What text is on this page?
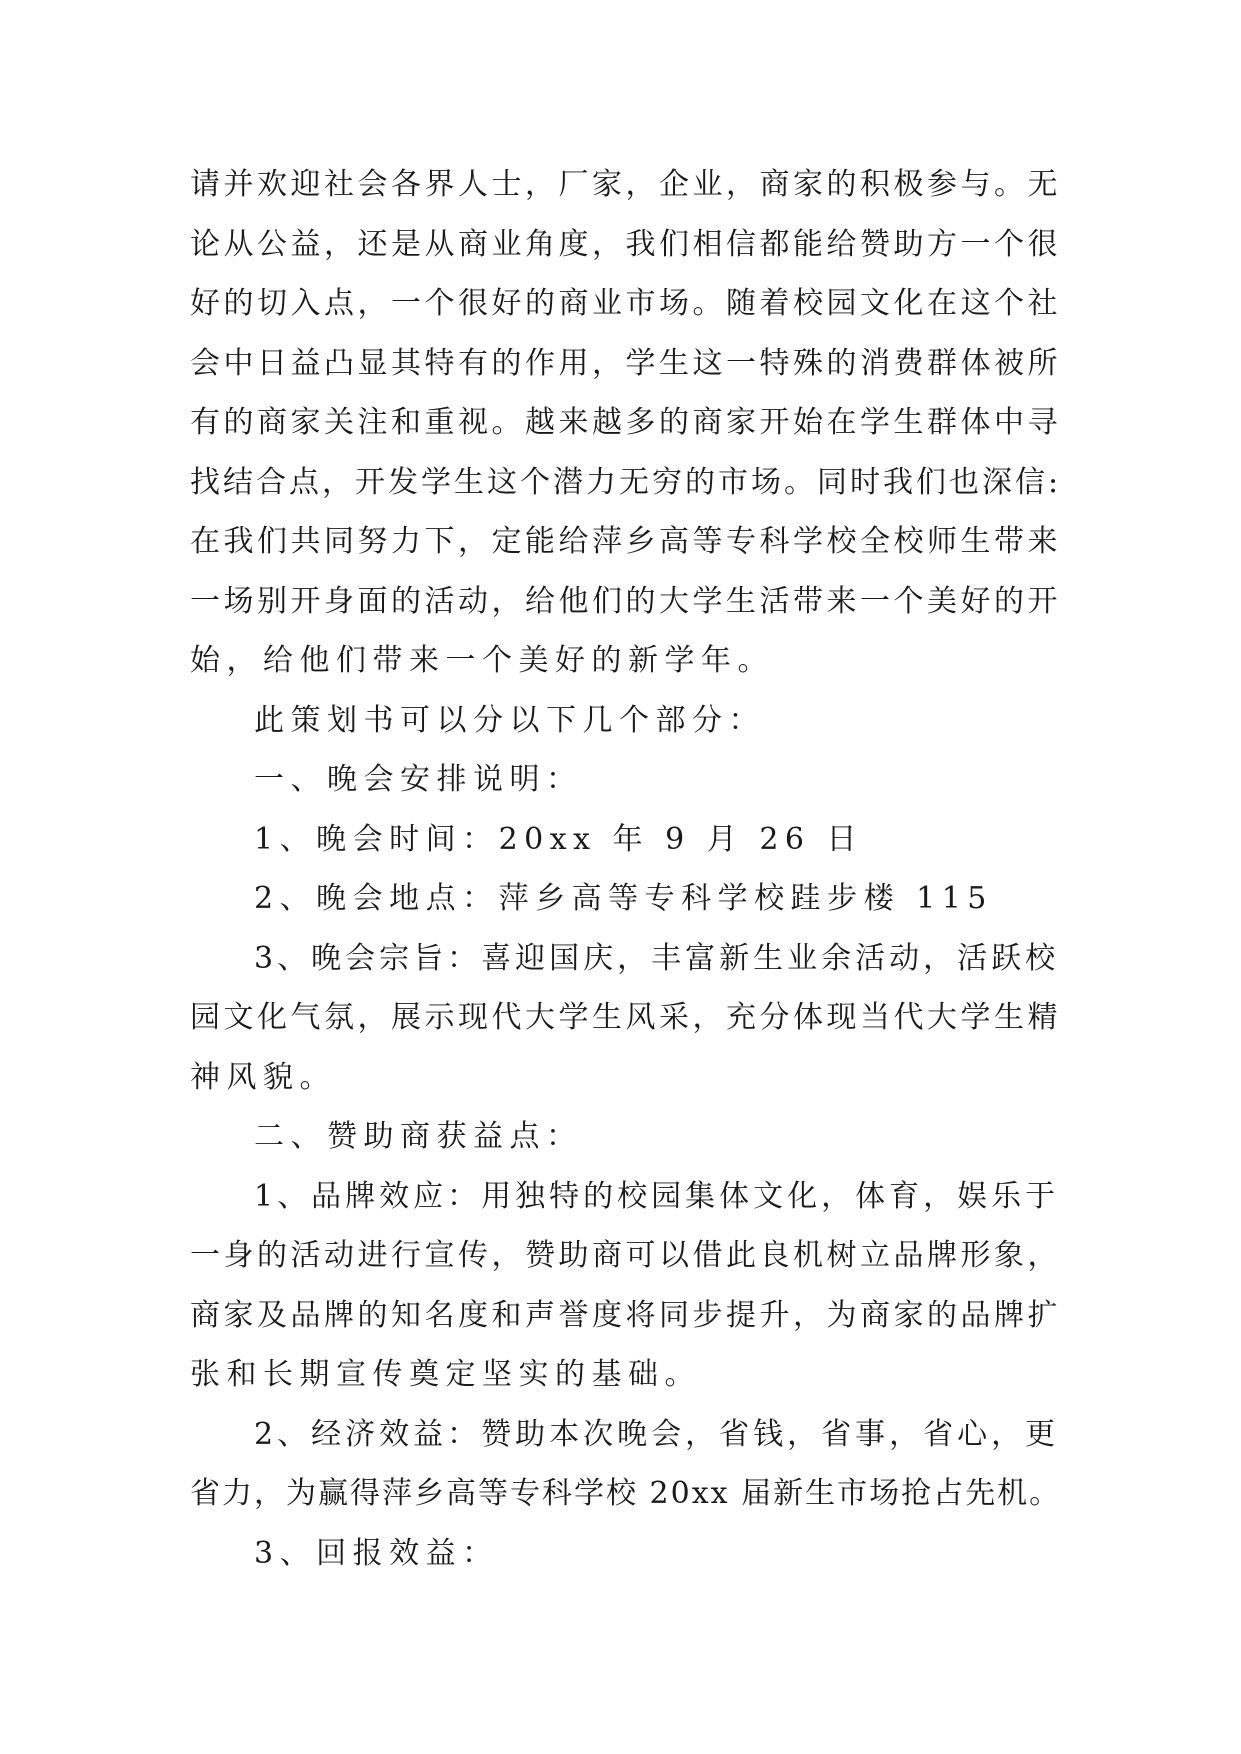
请并欢迎社会各界人士，厂家，企业，商家的积极参与。无
论从公益，还是从商业角度，我们相信都能给赞助方一个很
好的切入点，一个很好的商业市场。随着校园文化在这个社
会中日益凸显其特有的作用，学生这一特殊的消费群体被所
有的商家关注和重视。越来越多的商家开始在学生群体中寻
找结合点，开发学生这个潜力无穷的市场。同时我们也深信:
在我们共同努力下，定能给萍乡高等专科学校全校师生带来
一场别开身面的活动，给他们的大学生活带来一个美好的开
始，给他们带来一个美好的新学年。
此策划书可以分以下几个部分：
一、晚会安排说明：
1、晚会时间：20xx 年 9 月 26 日
2、晚会地点：萍乡高等专科学校跬步楼 115
3、晚会宗旨：喜迎国庆，丰富新生业余活动，活跃校
园文化气氛，展示现代大学生风采，充分体现当代大学生精
神风貌。
二、赞助商获益点：
1、品牌效应：用独特的校园集体文化，体育，娱乐于
一身的活动进行宣传，赞助商可以借此良机树立品牌形象，
商家及品牌的知名度和声誉度将同步提升，为商家的品牌扩
张和长期宣传奠定坚实的基础。
2、经济效益：赞助本次晚会，省钱，省事，省心，更
省力，为赢得萍乡高等专科学校 20xx 届新生市场抢占先机。
3、回报效益：
